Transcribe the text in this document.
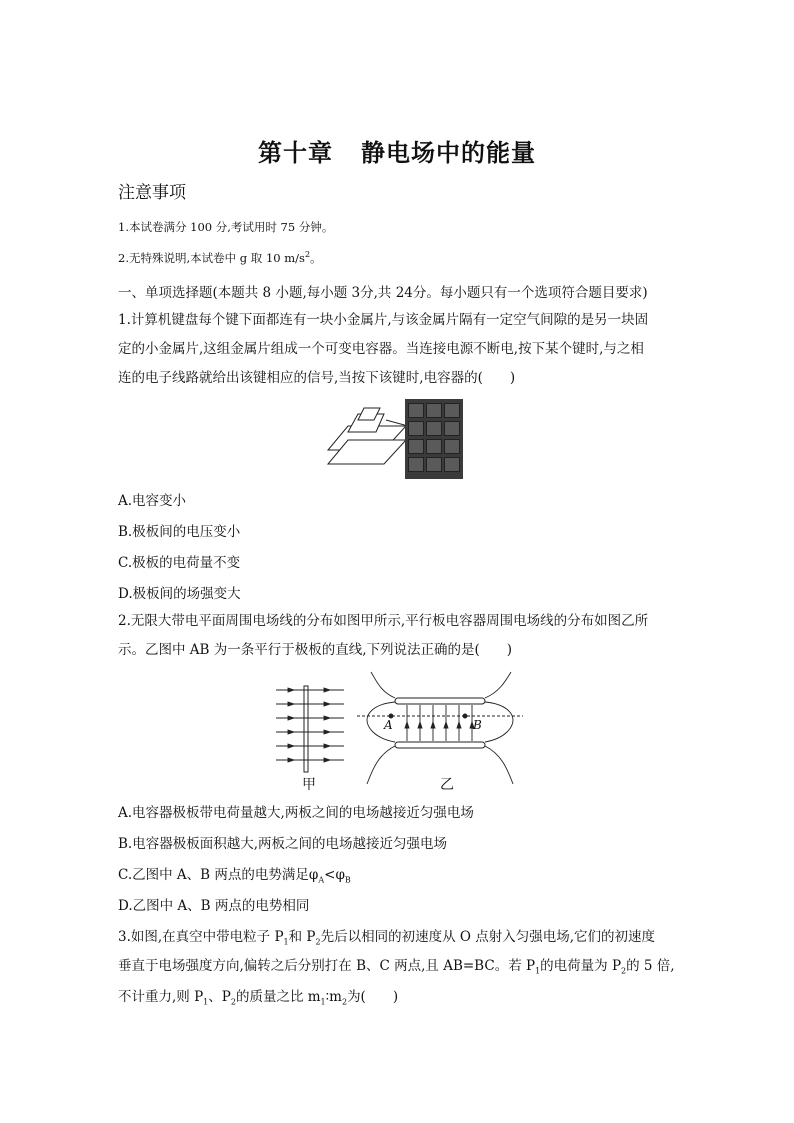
第十章 静电场中的能量
注意事项
1.本试卷满分 100 分,考试用时 75 分钟。
2.无特殊说明,本试卷中 g 取 10 $m/s^2$。
一、单项选择题(本题共 8 小题,每小题 3分,共 24分。每小题只有一个选项符合题目要求)
1.计算机键盘每个键下面都连有一块小金属片,与该金属片隔有一定空气间隙的是另一块固
定的小金属片,这组金属片组成一个可变电容器。当连接电源不断电,按下某个键时,与之相
连的电子线路就给出该键相应的信号,当按下该键时,电容器的(　　)
A.电容变小
B.极板间的电压变小
C.极板的电荷量不变
D.极板间的场强变大
2.无限大带电平面周围电场线的分布如图甲所示,平行板电容器周围电场线的分布如图乙所
示。乙图中 AB 为一条平行于极板的直线,下列说法正确的是(　　)
甲
A	B
乙
A.电容器极板带电荷量越大,两板之间的电场越接近匀强电场
B.电容器极板面积越大,两板之间的电场越接近匀强电场
C.乙图中 A、B 两点的电势满足$\varphi_A<\varphi_B$
D.乙图中 A、B 两点的电势相同
3.如图,在真空中带电粒子 $P_1$和 $P_2$先后以相同的初速度从 O 点射入匀强电场,它们的初速度
垂直于电场强度方向,偏转之后分别打在 B、C 两点,且 AB=BC。若 $P_1$的电荷量为 $P_2$的 5 倍,
不计重力,则 $P_1$、$P_2$的质量之比 $m_1∶m_2$为(　　)
